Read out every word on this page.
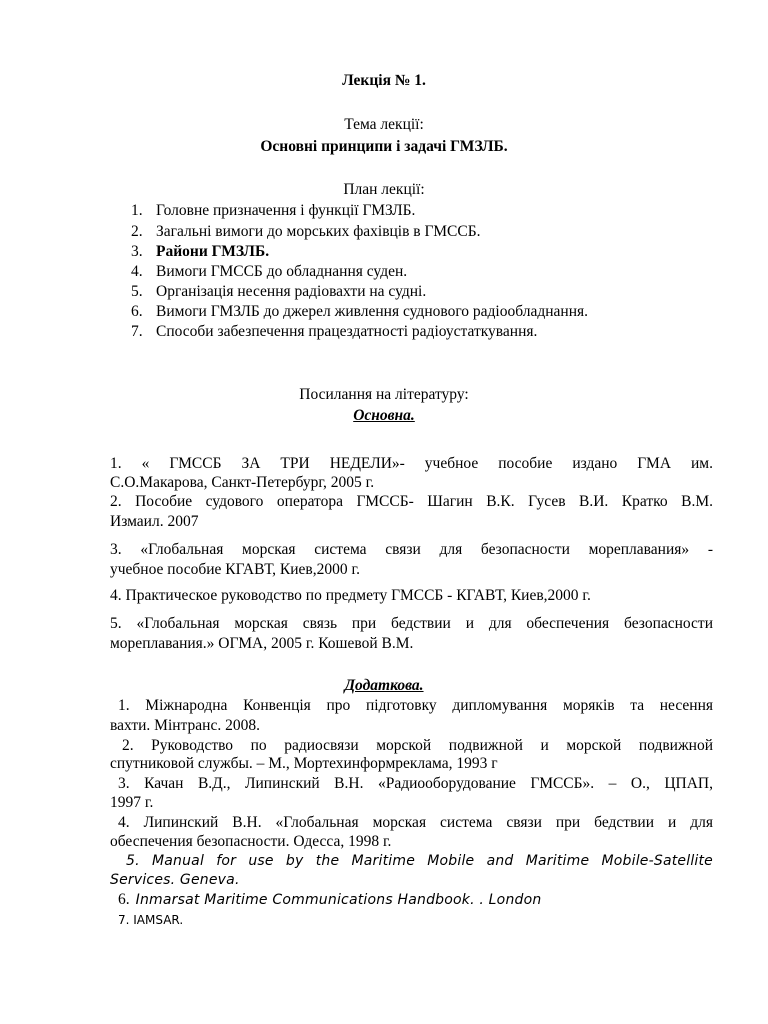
Лекція № 1.
Тема лекції:
Основні принципи і задачі ГМЗЛБ.
План лекції:
1. Головне призначення і функції ГМЗЛБ.
2. Загальні вимоги до морських фахівців в ГМССБ.
3. Райони ГМЗЛБ.
4. Вимоги ГМССБ до обладнання суден.
5. Організація несення радіовахти на судні.
6. Вимоги ГМЗЛБ до джерел живлення суднового радіообладнання.
7. Способи забезпечення працездатності радіоустаткування.
Посилання на літературу:
Основна.
1. « ГМССБ ЗА ТРИ НЕДЕЛИ»- учебное пособие издано ГМА им.
С.О.Макарова, Санкт-Петербург, 2005 г.
2. Пособие судового оператора ГМССБ- Шагин В.К. Гусев В.И. Кратко В.М.
Измаил. 2007
3. «Глобальная морская система связи для безопасности мореплавания» -
учебное пособие КГАВТ, Киев,2000 г.
4. Практическое руководство по предмету ГМССБ - КГАВТ, Киев,2000 г.
5. «Глобальная морская связь при бедствии и для обеспечения безопасности
мореплавания.» ОГМА, 2005 г. Кошевой В.М.
Додаткова.
1. Міжнародна Конвенція про підготовку дипломування моряків та несення
вахти. Мінтранс. 2008.
2. Руководство по радиосвязи морской подвижной и морской подвижной
спутниковой службы. – М., Мортехинформреклама, 1993 г
3. Качан В.Д., Липинский В.Н. «Радиооборудование ГМССБ». – О., ЦПАП,
1997 г.
4. Липинский В.Н. «Глобальная морская система связи при бедствии и для
обеспечения безопасности. Одесса, 1998 г.
5. Manual for use by the Maritime Mobile and Maritime Mobile-Satellite
Services. Geneva.
6. Inmarsat Maritime Communications Handbook. . London
7. IAMSAR.
